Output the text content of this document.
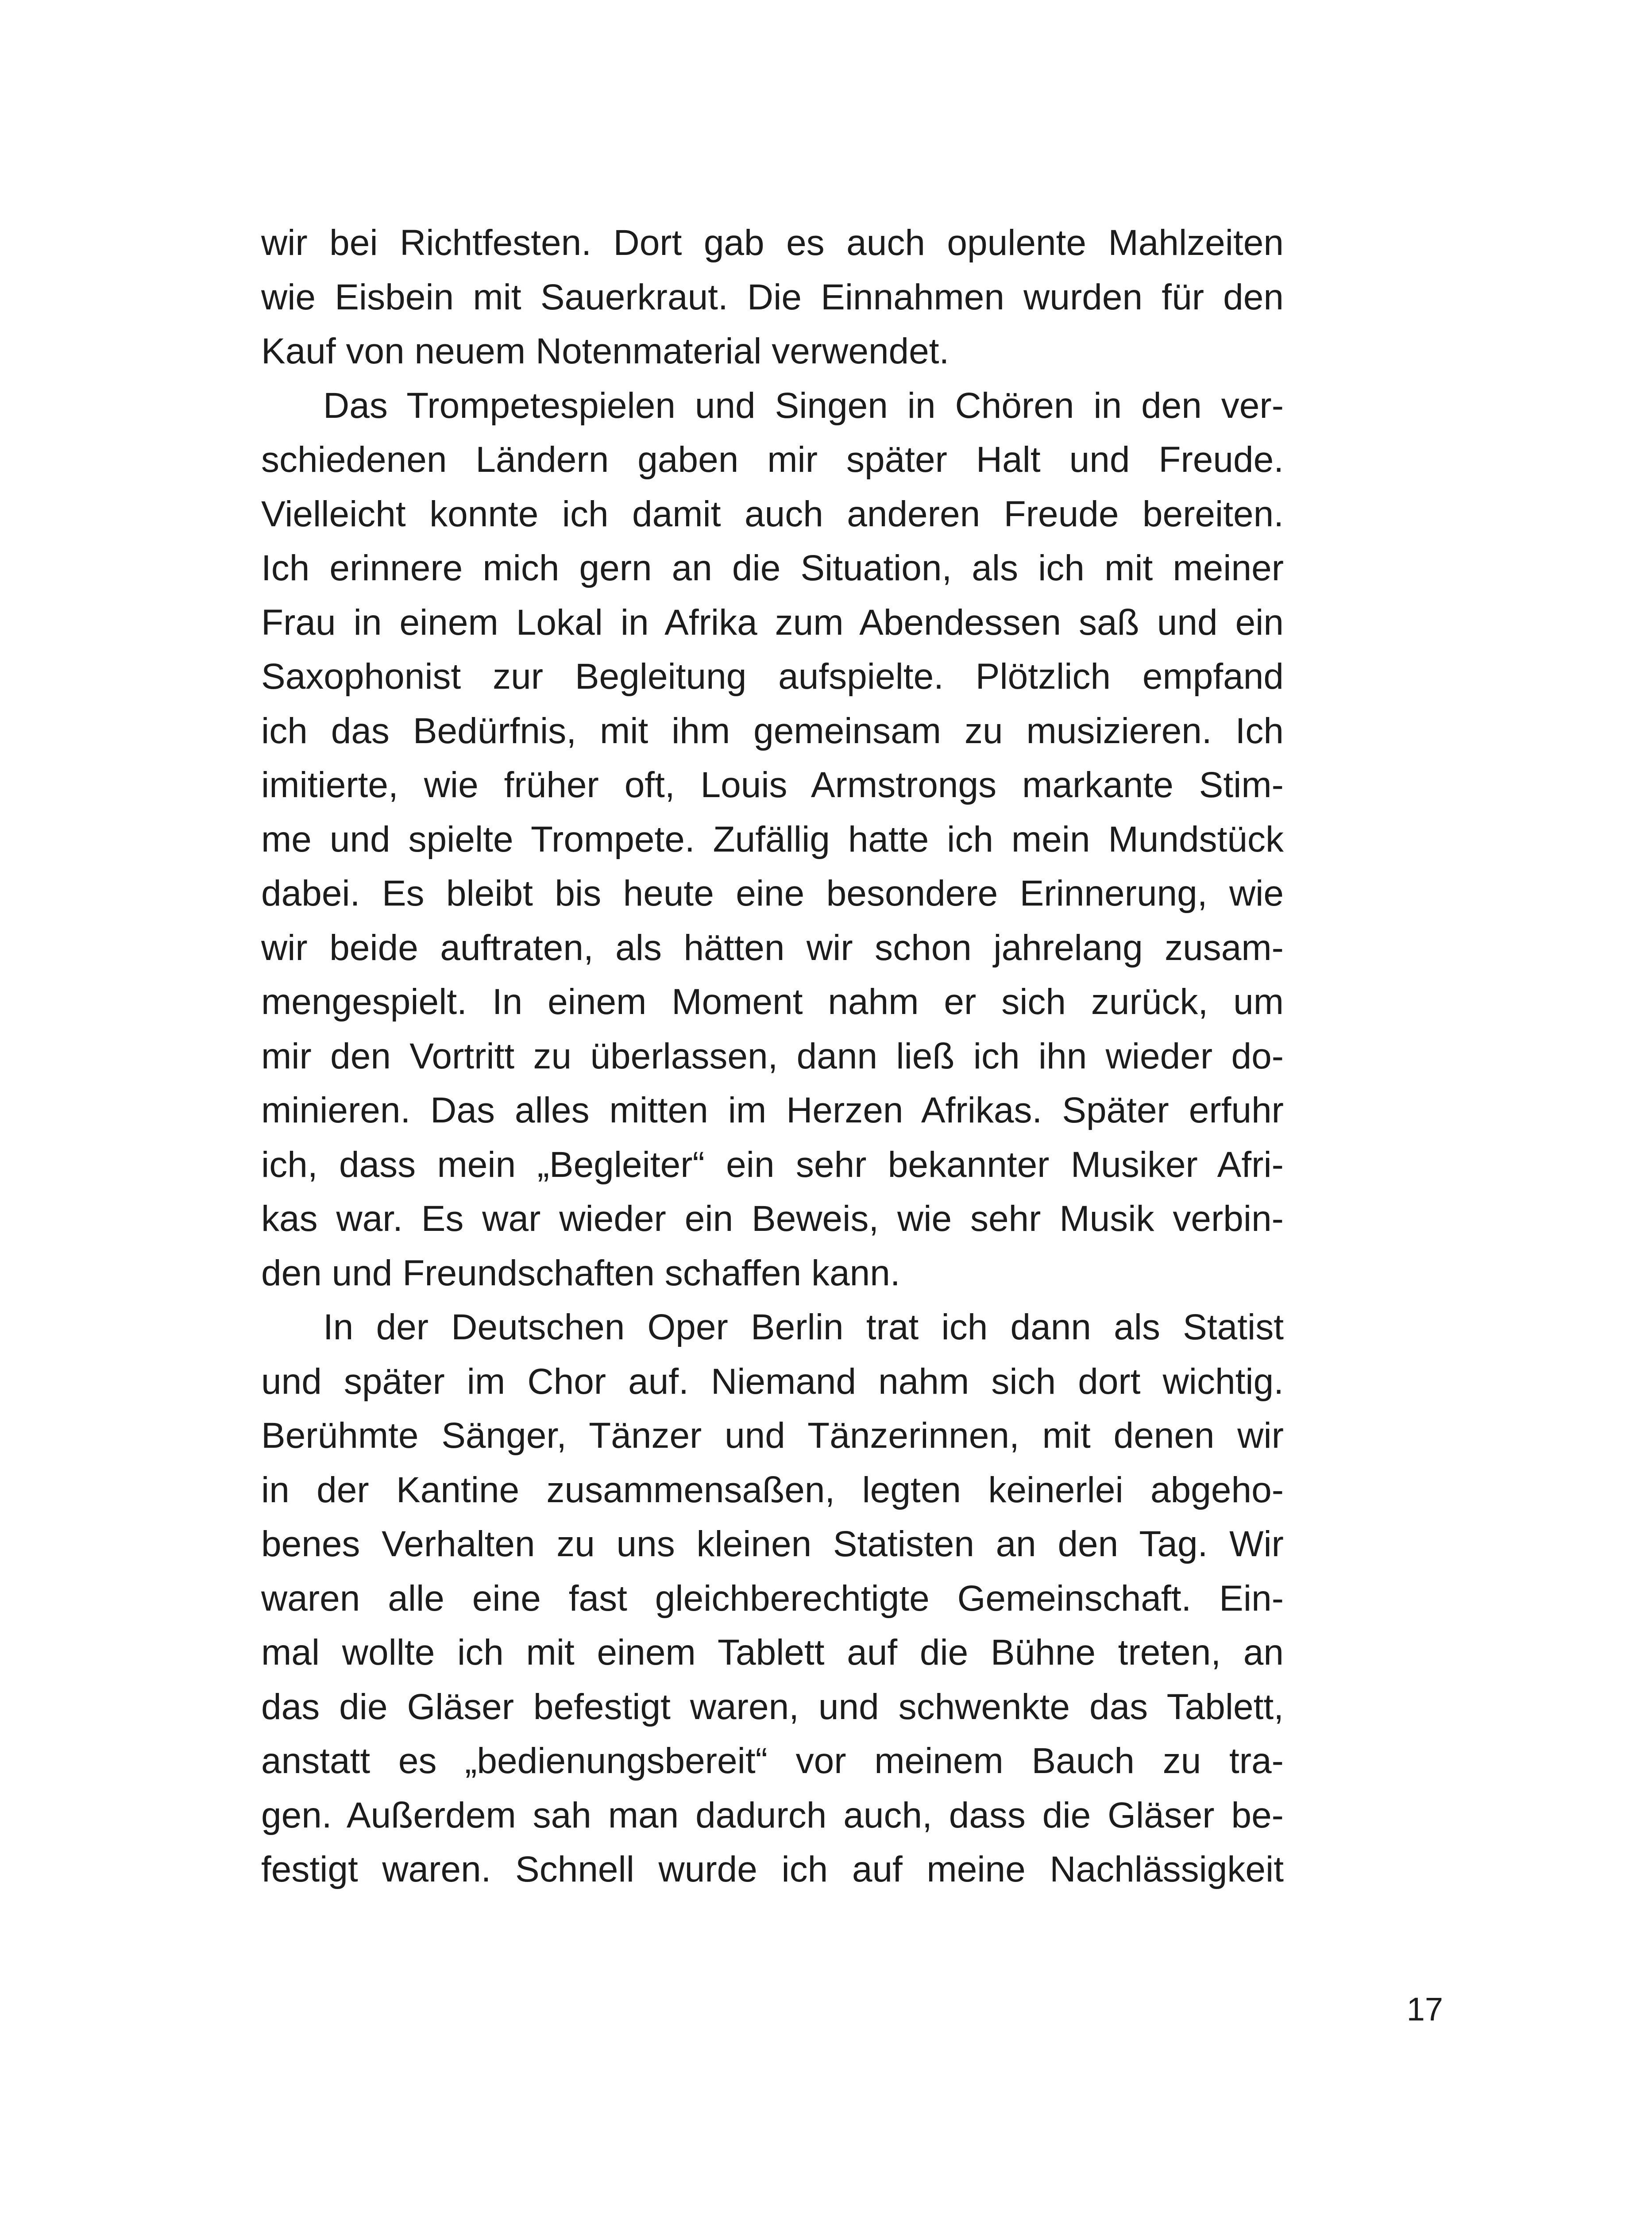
wir bei Richtfesten. Dort gab es auch opulente Mahlzeiten
wie Eisbein mit Sauerkraut. Die Einnahmen wurden für den
Kauf von neuem Notenmaterial verwendet.
Das Trompetespielen und Singen in Chören in den ver-
schiedenen Ländern gaben mir später Halt und Freude.
Vielleicht konnte ich damit auch anderen Freude bereiten.
Ich erinnere mich gern an die Situation, als ich mit meiner
Frau in einem Lokal in Afrika zum Abendessen saß und ein
Saxophonist zur Begleitung aufspielte. Plötzlich empfand
ich das Bedürfnis, mit ihm gemeinsam zu musizieren. Ich
imitierte, wie früher oft, Louis Armstrongs markante Stim-
me und spielte Trompete. Zufällig hatte ich mein Mundstück
dabei. Es bleibt bis heute eine besondere Erinnerung, wie
wir beide auftraten, als hätten wir schon jahrelang zusam-
mengespielt. In einem Moment nahm er sich zurück, um
mir den Vortritt zu überlassen, dann ließ ich ihn wieder do-
minieren. Das alles mitten im Herzen Afrikas. Später erfuhr
ich, dass mein „Begleiter“ ein sehr bekannter Musiker Afri-
kas war. Es war wieder ein Beweis, wie sehr Musik verbin-
den und Freundschaften schaffen kann.
In der Deutschen Oper Berlin trat ich dann als Statist
und später im Chor auf. Niemand nahm sich dort wichtig.
Berühmte Sänger, Tänzer und Tänzerinnen, mit denen wir
in der Kantine zusammensaßen, legten keinerlei abgeho-
benes Verhalten zu uns kleinen Statisten an den Tag. Wir
waren alle eine fast gleichberechtigte Gemeinschaft. Ein-
mal wollte ich mit einem Tablett auf die Bühne treten, an
das die Gläser befestigt waren, und schwenkte das Tablett,
anstatt es „bedienungsbereit“ vor meinem Bauch zu tra-
gen. Außerdem sah man dadurch auch, dass die Gläser be-
festigt waren. Schnell wurde ich auf meine Nachlässigkeit
17
